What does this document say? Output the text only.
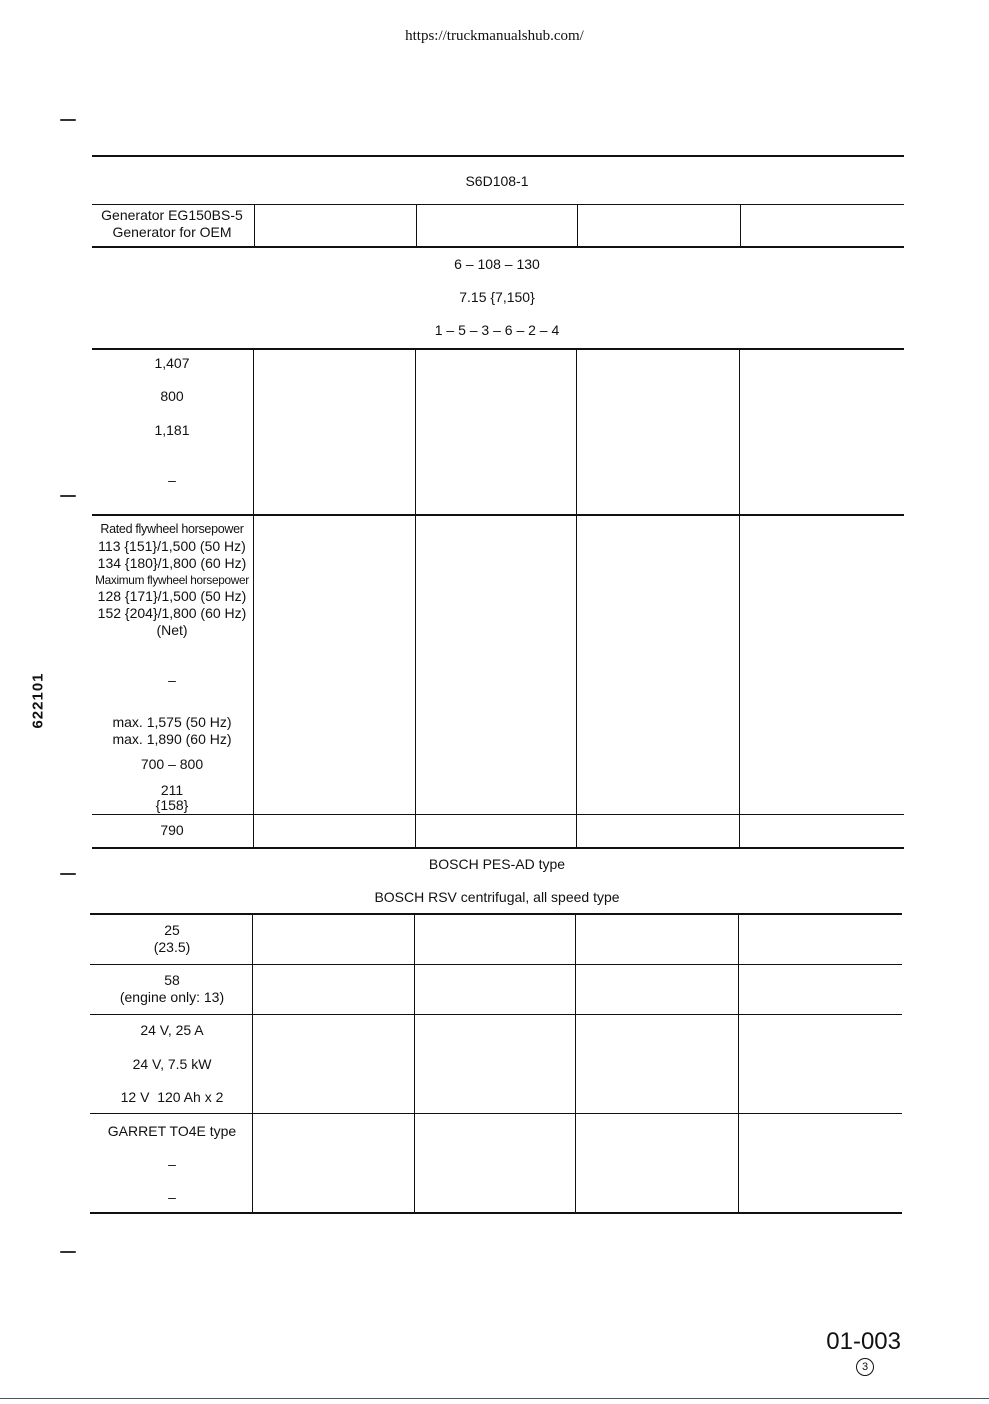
https://truckmanualshub.com/
622101
S6D108-1
Generator EG150BS-5
Generator for OEM
6 – 108 – 130
7.15 {7,150}
1 – 5 – 3 – 6 – 2 – 4
1,407
800
1,181
–
Rated flywheel horsepower
113 {151}/1,500 (50 Hz)
134 {180}/1,800 (60 Hz)
Maximum flywheel horsepower
128 {171}/1,500 (50 Hz)
152 {204}/1,800 (60 Hz)
(Net)
–
max. 1,575 (50 Hz)
max. 1,890 (60 Hz)
700 – 800
211
{158}
790
BOSCH PES-AD type
BOSCH RSV centrifugal, all speed type
25
(23.5)
58
(engine only: 13)
24 V, 25 A
24 V, 7.5 kW
12 V  120 Ah x 2
GARRET TO4E type
–
–
01-003
3
